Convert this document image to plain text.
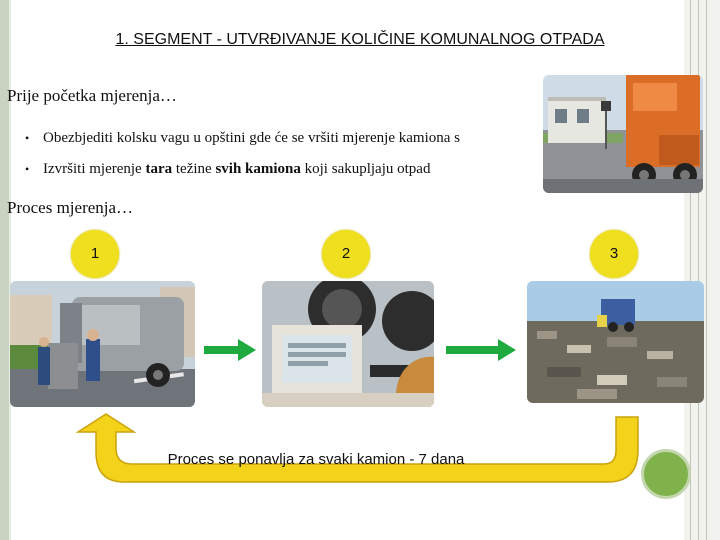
1. SEGMENT - UTVRĐIVANJE KOLIČINE KOMUNALNOG OTPADA
Prije početka mjerenja…
• Obezbjediti kolsku vagu u opštini gde će se vršiti mjerenje kamiona s
• Izvršiti mjerenje tara težine svih kamiona koji sakupljaju otpad
Proces mjerenja…
1	2	3
Proces se ponavlja za svaki kamion - 7 dana
